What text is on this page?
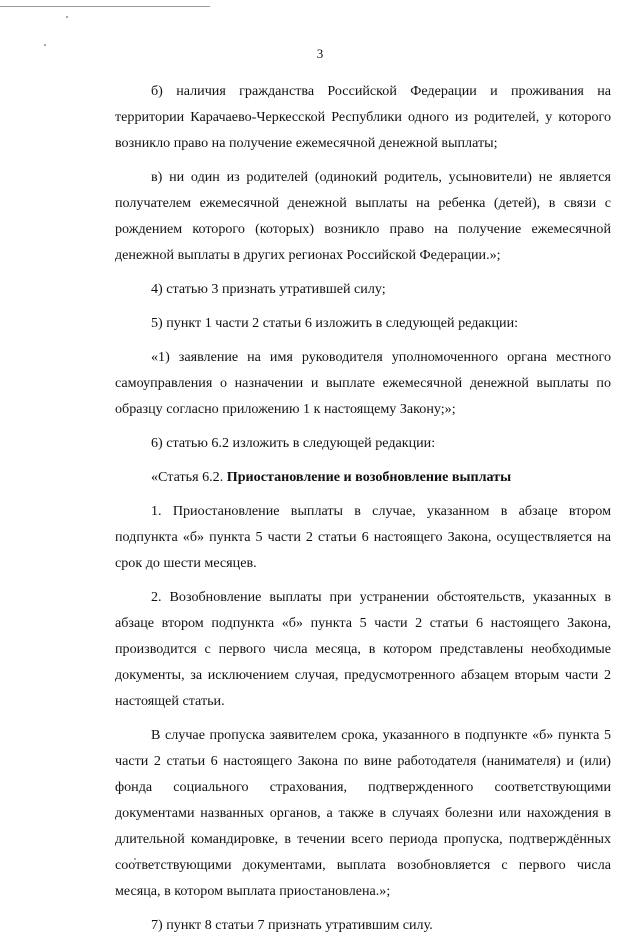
3

б) наличия гражданства Российской Федерации и проживания на территории Карачаево-Черкесской Республики одного из родителей, у которого возникло право на получение ежемесячной денежной выплаты;

в) ни один из родителей (одинокий родитель, усыновители) не является получателем ежемесячной денежной выплаты на ребенка (детей), в связи с рождением которого (которых) возникло право на получение ежемесячной денежной выплаты в других регионах Российской Федерации.»;

4) статью 3 признать утратившей силу;

5) пункт 1 части 2 статьи 6 изложить в следующей редакции:

«1) заявление на имя руководителя уполномоченного органа местного самоуправления о назначении и выплате ежемесячной денежной выплаты по образцу согласно приложению 1 к настоящему Закону;»;

6) статью 6.2 изложить в следующей редакции:

«Статья 6.2. Приостановление и возобновление выплаты

1. Приостановление выплаты в случае, указанном в абзаце втором подпункта «б» пункта 5 части 2 статьи 6 настоящего Закона, осуществляется на срок до шести месяцев.

2. Возобновление выплаты при устранении обстоятельств, указанных в абзаце втором подпункта «б» пункта 5 части 2 статьи 6 настоящего Закона, производится с первого числа месяца, в котором представлены необходимые документы, за исключением случая, предусмотренного абзацем вторым части 2 настоящей статьи.

В случае пропуска заявителем срока, указанного в подпункте «б» пункта 5 части 2 статьи 6 настоящего Закона по вине работодателя (нанимателя) и (или) фонда социального страхования, подтвержденного соответствующими документами названных органов, а также в случаях болезни или нахождения в длительной командировке, в течении всего периода пропуска, подтверждённых соответствующими документами, выплата возобновляется с первого числа месяца, в котором выплата приостановлена.»;

7) пункт 8 статьи 7 признать утратившим силу.
